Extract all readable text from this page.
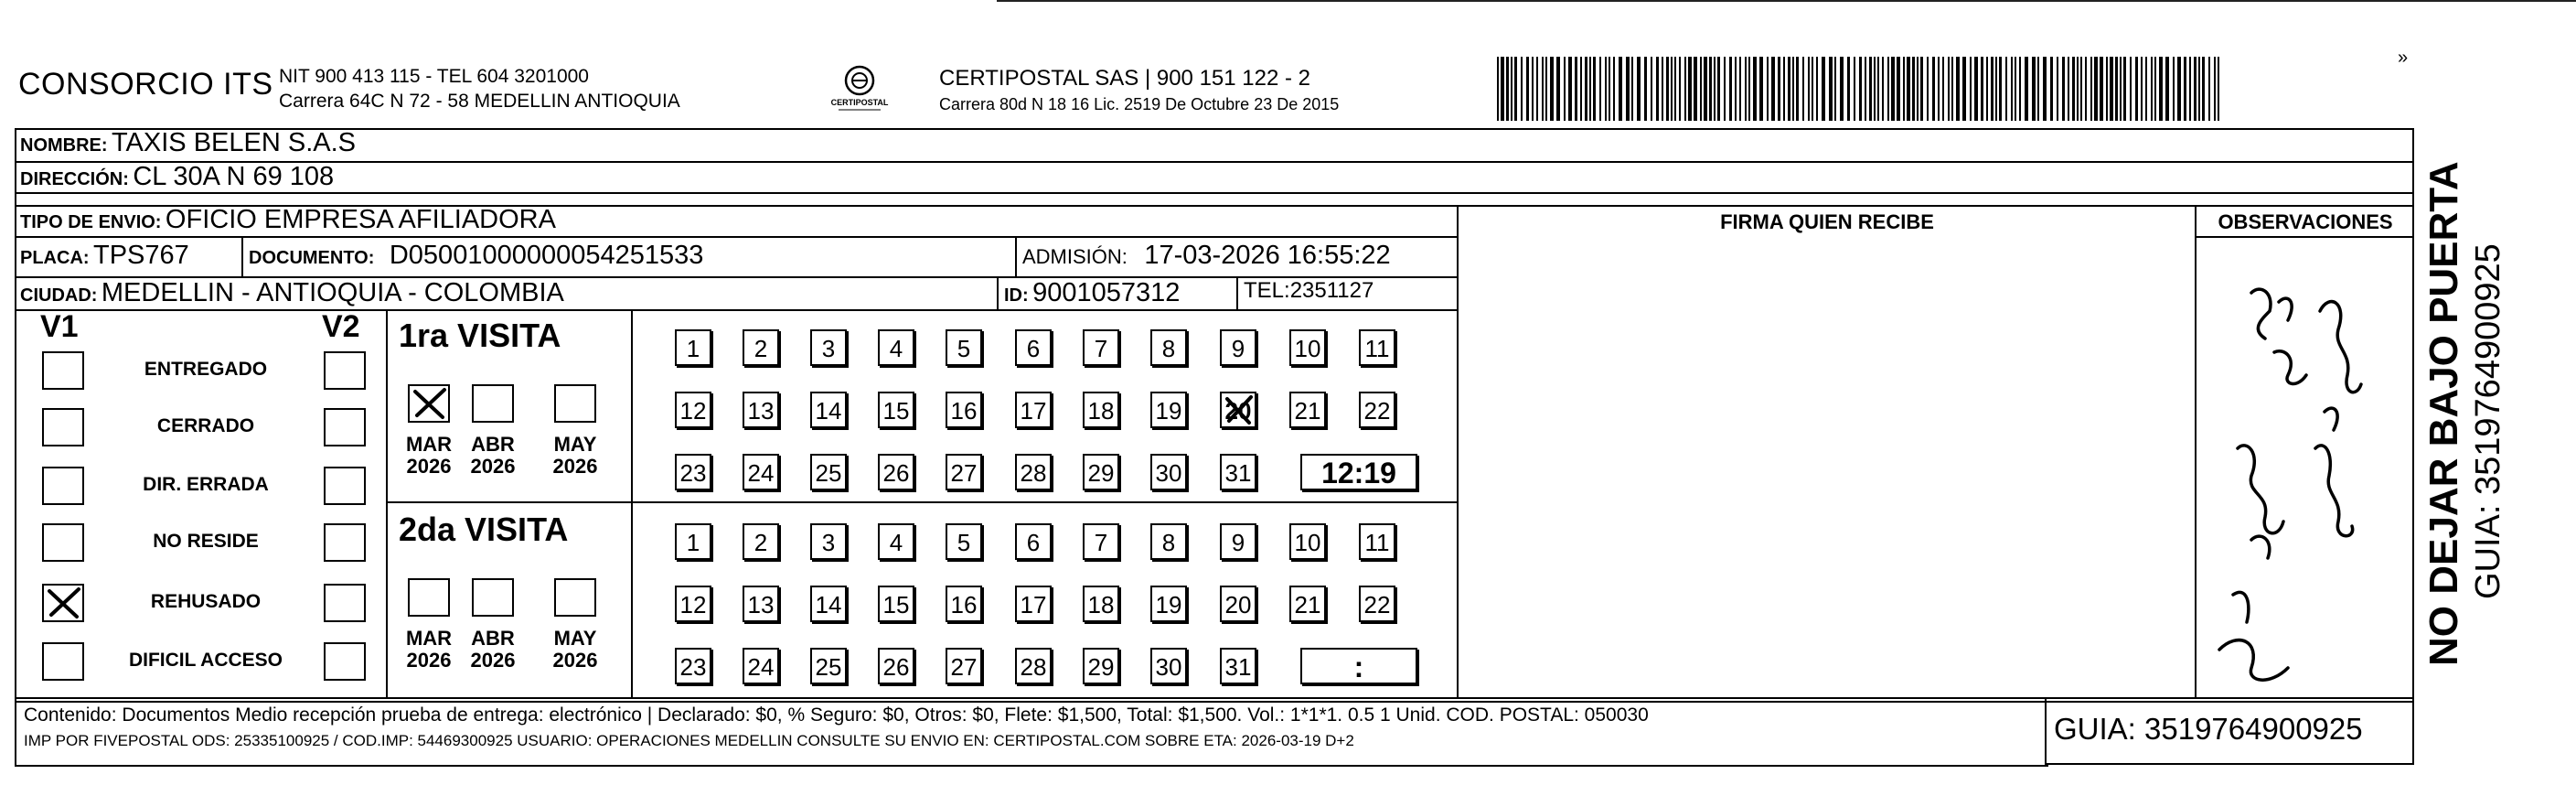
CONSORCIO ITS NIT 900 413 115 - TEL 604 3201000
Carrera 64C N 72 - 58 MEDELLIN ANTIOQUIA	CERTIPOSTAL
CERTIPOSTAL SAS | 900 151 122 - 2
Carrera 80d N 18 16 Lic. 2519 De Octubre 23 De 2015
»
NOMBRE: TAXIS BELEN S.A.S
DIRECCIÓN: CL 30A N 69 108
TIPO DE ENVIO: OFICIO EMPRESA AFILIADORA
PLACA: TPS767	DOCUMENTO: D05001000000054251533	ADMISIÓN: 17-03-2026 16:55:22
CIUDAD: MEDELLIN - ANTIOQUIA - COLOMBIA	ID: 9001057312	TEL:2351127
FIRMA QUIEN RECIBE	OBSERVACIONES
V1	V2
ENTREGADO
CERRADO
DIR. ERRADA
NO RESIDE
REHUSADO
DIFICIL ACCESO
1ra VISITA
MAR
2026
ABR
2026
MAY
2026
1	2	3	4	5	6	7	8	9	10 11
12 13 14 15 16 17 18 19 20 21 22
23 24 25 26 27 28 29 30 31	12:19
2da VISITA
MAR
2026
ABR
2026
MAY
2026
1	2	3	4	5	6	7	8	9	10 11
12 13 14 15 16 17 18 19 20 21 22
23 24 25 26 27 28 29 30 31	:
NO DEJAR BAJO PUERTA GUIA: 3519764900925
Contenido: Documentos Medio recepción prueba de entrega: electrónico | Declarado: $0, % Seguro: $0, Otros: $0, Flete: $1,500, Total: $1,500. Vol.: 1*1*1. 0.5 1 Unid. COD. POSTAL: 050030
IMP POR FIVEPOSTAL ODS: 25335100925 / COD.IMP: 54469300925 USUARIO: OPERACIONES MEDELLIN CONSULTE SU ENVIO EN: CERTIPOSTAL.COM SOBRE ETA: 2026-03-19 D+2	GUIA: 3519764900925
